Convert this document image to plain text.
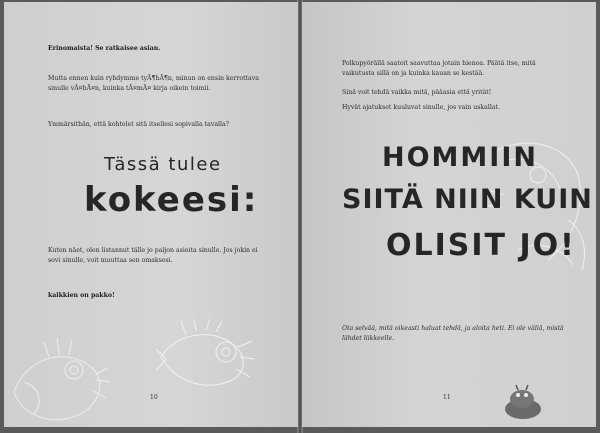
Erinomaista! Se ratkaisee asian.
Mutta ennen kuin ryhdymme tyĂ¶hĂ¶n, minun on ensin kerrottava sinulle vĂ¤hĂ¤n, kuinka tĂ¤mĂ¤ kirja oikein toimii.
Ymmärsithän, että kohtelet sitä itsellesi sopivalla tavalla?
Tässä tulee
kokeesi:
Kuten näet, olen listannut tälle jo paljon asioita sinulle. Jos jokin ei sovi sinulle, voit muuttaa sen omaksesi.
kaikkien on pakko!
10
Polkupyörällä saatoit saavuttaa jotain hienoa. Päätä itse, mitä vaikutusta sillä on ja kuinka kauan se kestää.
Sinä voit tehdä vaikka mitä, pääasia että yrität!
Hyvät ajatukset kuuluvat sinulle, jos vain uskallat.
HOMMIIN
SIITÄ NIIN KUIN
OLISIT JO!
Ota selvää, mitä oikeasti haluat tehdä, ja aloita heti. Ei ole väliä, mistä lähdet liikkeelle.
11
